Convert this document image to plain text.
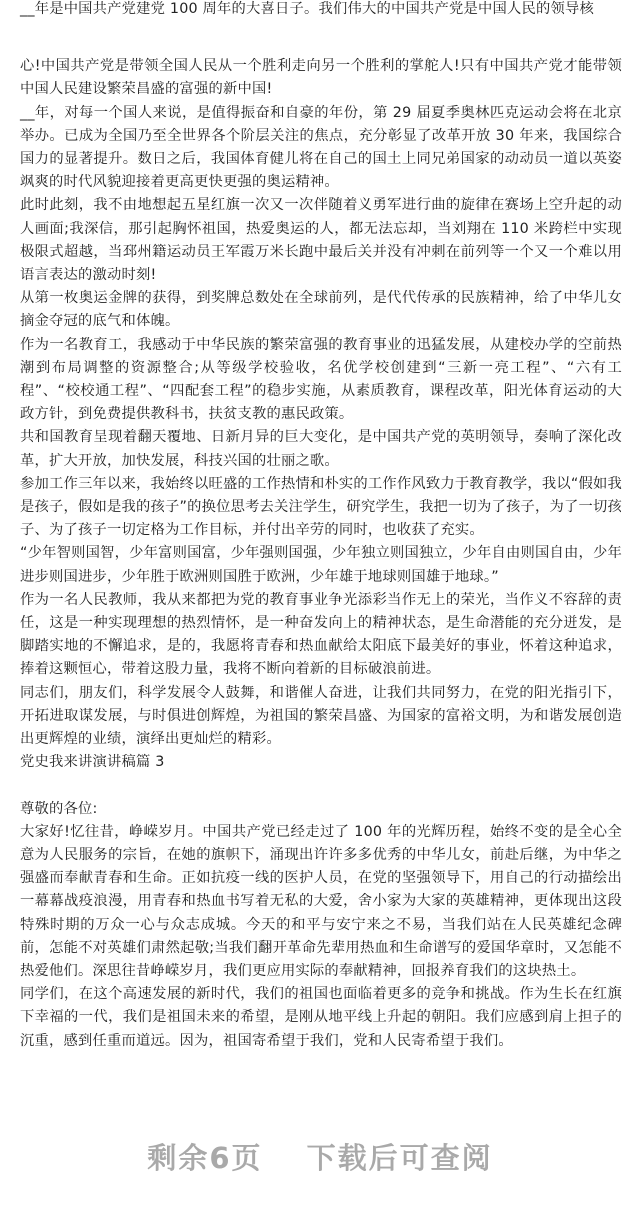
__年是中国共产党建党 100 周年的大喜日子。我们伟大的中国共产党是中国人民的领导核

心!中国共产党是带领全国人民从一个胜利走向另一个胜利的掌舵人!只有中国共产党才能带领中国人民建设繁荣昌盛的富强的新中国!

__年，对每一个国人来说，是值得振奋和自豪的年份，第 29 届夏季奥林匹克运动会将在北京举办。已成为全国乃至全世界各个阶层关注的焦点，充分彰显了改革开放 30 年来，我国综合国力的显著提升。数日之后，我国体育健儿将在自己的国土上同兄弟国家的动动员一道以英姿飒爽的时代风貌迎接着更高更快更强的奥运精神。

此时此刻，我不由地想起五星红旗一次又一次伴随着义勇军进行曲的旋律在赛场上空升起的动人画面;我深信，那引起胸怀祖国，热爱奥运的人，都无法忘却，当刘翔在 110 米跨栏中实现极限式超越，当邳州籍运动员王军霞万米长跑中最后关并没有冲刺在前列等一个又一个难以用语言表达的激动时刻!

从第一枚奥运金牌的获得，到奖牌总数处在全球前列，是代代传承的民族精神，给了中华儿女摘金夺冠的底气和体魄。

作为一名教育工，我感动于中华民族的繁荣富强的教育事业的迅猛发展，从建校办学的空前热潮到布局调整的资源整合;从等级学校验收，名优学校创建到“三新一亮工程”、“六有工程”、“校校通工程”、“四配套工程”的稳步实施，从素质教育，课程改革，阳光体育运动的大政方针，到免费提供教科书，扶贫支教的惠民政策。

共和国教育呈现着翻天覆地、日新月异的巨大变化，是中国共产党的英明领导，奏响了深化改革，扩大开放，加快发展，科技兴国的壮丽之歌。

参加工作三年以来，我始终以旺盛的工作热情和朴实的工作作风致力于教育教学，我以“假如我是孩子，假如是我的孩子”的换位思考去关注学生，研究学生，我把一切为了孩子，为了一切孩子、为了孩子一切定格为工作目标，并付出辛劳的同时，也收获了充实。

“少年智则国智，少年富则国富，少年强则国强，少年独立则国独立，少年自由则国自由，少年进步则国进步，少年胜于欧洲则国胜于欧洲，少年雄于地球则国雄于地球。”

作为一名人民教师，我从来都把为党的教育事业争光添彩当作无上的荣光，当作义不容辞的责任，这是一种实现理想的热烈情怀，是一种奋发向上的精神状态，是生命潜能的充分迸发，是脚踏实地的不懈追求，是的，我愿将青春和热血献给太阳底下最美好的事业，怀着这种追求，捧着这颗恒心，带着这股力量，我将不断向着新的目标破浪前进。

同志们，朋友们，科学发展令人鼓舞，和谐催人奋进，让我们共同努力，在党的阳光指引下，开拓进取谋发展，与时俱进创辉煌，为祖国的繁荣昌盛、为国家的富裕文明，为和谐发展创造出更辉煌的业绩，演绎出更灿烂的精彩。

党史我来讲演讲稿篇 3

尊敬的各位:

大家好!忆往昔，峥嵘岁月。中国共产党已经走过了 100 年的光辉历程，始终不变的是全心全意为人民服务的宗旨，在她的旗帜下，涌现出许许多多优秀的中华儿女，前赴后继，为中华之强盛而奉献青春和生命。正如抗疫一线的医护人员，在党的坚强领导下，用自己的行动描绘出一幕幕战疫浪漫，用青春和热血书写着无私的大爱，舍小家为大家的英雄精神，更体现出这段特殊时期的万众一心与众志成城。今天的和平与安宁来之不易，当我们站在人民英雄纪念碑前，怎能不对英雄们肃然起敬;当我们翻开革命先辈用热血和生命谱写的爱国华章时，又怎能不热爱他们。深思往昔峥嵘岁月，我们更应用实际的奉献精神，回报养育我们的这块热土。

同学们，在这个高速发展的新时代，我们的祖国也面临着更多的竞争和挑战。作为生长在红旗下幸福的一代，我们是祖国未来的希望，是刚从地平线上升起的朝阳。我们应感到肩上担子的沉重，感到任重而道远。因为，祖国寄希望于我们，党和人民寄希望于我们。

剩余6页 下载后可查阅
